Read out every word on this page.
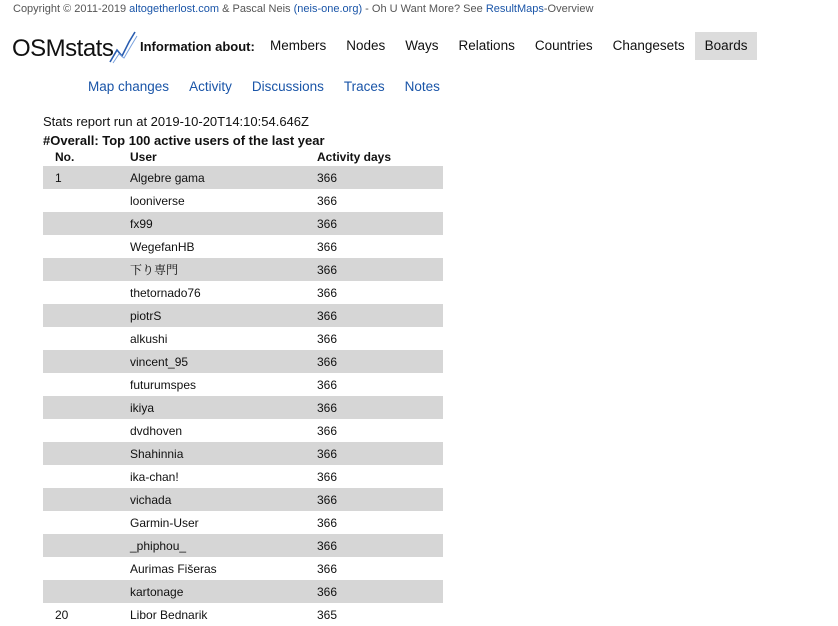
Copyright © 2011-2019 altogetherlost.com & Pascal Neis (neis-one.org) - Oh U Want More? See ResultMaps-Overview
OSMstats Information about:	Members	Nodes	Ways	Relations	Countries	Changesets	Boards
Map changes	Activity	Discussions	Traces	Notes
Stats report run at 2019-10-20T14:10:54.646Z
#Overall: Top 100 active users of the last year
No.	User	Activity days
1	Algebre gama	366
	looniverse	366
	fx99	366
	WegefanHB	366
	下り専門	366
	thetornado76	366
	piotrS	366
	alkushi	366
	vincent_95	366
	futurumspes	366
	ikiya	366
	dvdhoven	366
	Shahinnia	366
	ika-chan!	366
	vichada	366
	Garmin-User	366
	_phiphou_	366
	Aurimas Fišeras	366
	kartonage	366
20	Libor Bednarik	365
